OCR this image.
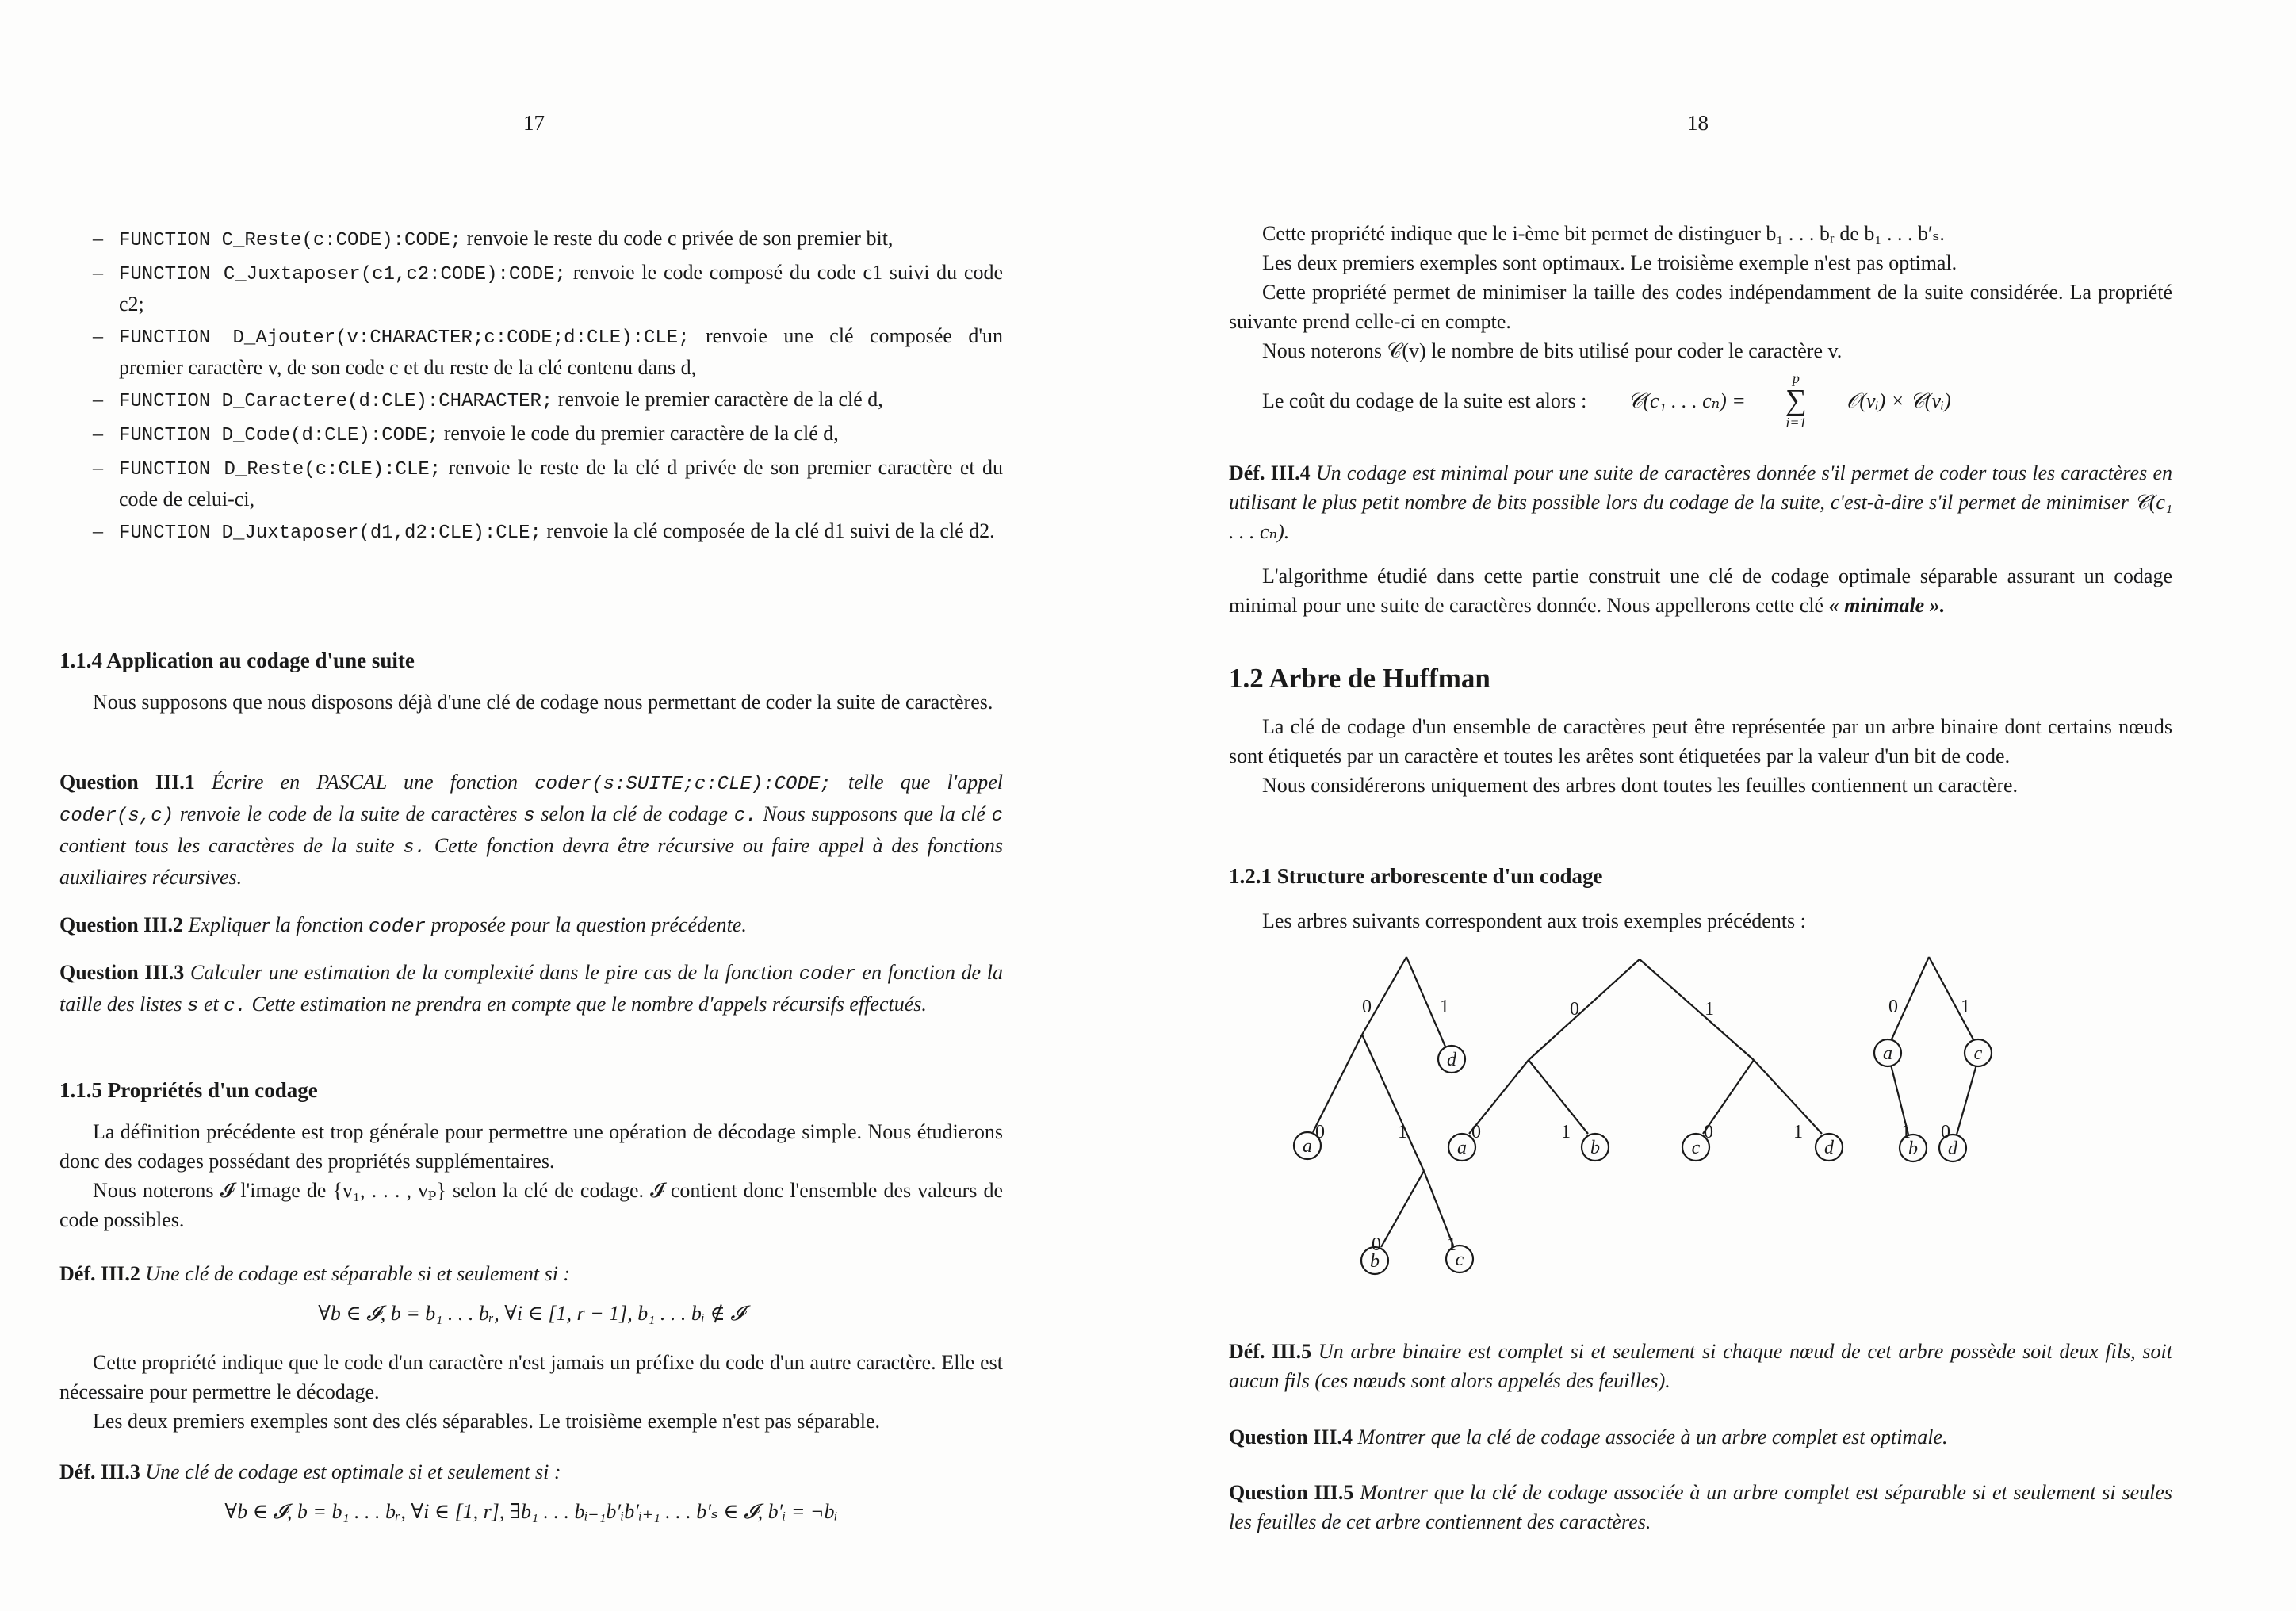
17
– FUNCTION C_Reste(c:CODE):CODE; renvoie le reste du code c privée de son premier bit,
– FUNCTION C_Juxtaposer(c1,c2:CODE):CODE; renvoie le code composé du code c1 suivi du code c2;
– FUNCTION D_Ajouter(v:CHARACTER;c:CODE;d:CLE):CLE; renvoie une clé composée d'un premier caractère v, de son code c et du reste de la clé contenu dans d,
– FUNCTION D_Caractere(d:CLE):CHARACTER; renvoie le premier caractère de la clé d,
– FUNCTION D_Code(d:CLE):CODE; renvoie le code du premier caractère de la clé d,
– FUNCTION D_Reste(c:CLE):CLE; renvoie le reste de la clé d privée de son premier caractère et du code de celui-ci,
– FUNCTION D_Juxtaposer(d1,d2:CLE):CLE; renvoie la clé composée de la clé d1 suivi de la clé d2.
1.1.4 Application au codage d'une suite

Nous supposons que nous disposons déjà d'une clé de codage nous permettant de coder la suite de caractères.

Question III.1 Écrire en PASCAL une fonction coder(s:SUITE;c:CLE):CODE; telle que l'appel coder(s,c) renvoie le code de la suite de caractères s selon la clé de codage c. Nous supposons que la clé c contient tous les caractères de la suite s. Cette fonction devra être récursive ou faire appel à des fonctions auxiliaires récursives.
Question III.2 Expliquer la fonction coder proposée pour la question précédente.
Question III.3 Calculer une estimation de la complexité dans le pire cas de la fonction coder en fonction de la taille des listes s et c. Cette estimation ne prendra en compte que le nombre d'appels récursifs effectués.
1.1.5 Propriétés d'un codage

La définition précédente est trop générale pour permettre une opération de décodage simple. Nous étudierons donc des codages possédant des propriétés supplémentaires.

Nous noterons 𝓘 l'image de {v₁, . . . , vₚ} selon la clé de codage. 𝓘 contient donc l'ensemble des valeurs de code possibles.

Déf. III.2 Une clé de codage est séparable si et seulement si :
∀b ∈ 𝓘, b = b₁ . . . bᵣ, ∀i ∈ [1, r − 1], b₁ . . . bᵢ ∉ 𝓘

Cette propriété indique que le code d'un caractère n'est jamais un préfixe du code d'un autre caractère. Elle est nécessaire pour permettre le décodage.

Les deux premiers exemples sont des clés séparables. Le troisième exemple n'est pas séparable.

Déf. III.3 Une clé de codage est optimale si et seulement si :
∀b ∈ 𝓘, b = b₁ . . . bᵣ, ∀i ∈ [1, r], ∃b₁ . . . bᵢ₋₁b′ᵢb′ᵢ₊₁ . . . b′ₛ ∈ 𝓘, b′ᵢ = ¬bᵢ
18

Cette propriété indique que le i-ème bit permet de distinguer b₁ . . . bᵣ de b₁ . . . b′ₛ.

Les deux premiers exemples sont optimaux. Le troisième exemple n'est pas optimal.

Cette propriété permet de minimiser la taille des codes indépendamment de la suite considérée. La propriété suivante prend celle-ci en compte.

Nous noterons 𝒞(v) le nombre de bits utilisé pour coder le caractère v.

Le coût du codage de la suite est alors :	𝒞(c₁ . . . cₙ) =
p
∑
i=1
𝒪(vᵢ) × 𝒞(vᵢ)
Déf. III.4 Un codage est minimal pour une suite de caractères donnée s'il permet de coder tous les caractères en utilisant le plus petit nombre de bits possible lors du codage de la suite, c'est-à-dire s'il permet de minimiser 𝒞(c₁ . . . cₙ).

L'algorithme étudié dans cette partie construit une clé de codage optimale séparable assurant un codage minimal pour une suite de caractères donnée. Nous appellerons cette clé « minimale ».

1.2 Arbre de Huffman

La clé de codage d'un ensemble de caractères peut être représentée par un arbre binaire dont certains nœuds sont étiquetés par un caractère et toutes les arêtes sont étiquetées par la valeur d'un bit de code.

Nous considérerons uniquement des arbres dont toutes les feuilles contiennent un caractère.

1.2.1 Structure arborescente d'un codage

Les arbres suivants correspondent aux trois exemples précédents :

d
a
b	c
0	1
0	1
0	1
a	b	c	d
0	1
0	1	0	1
a	c
b d
0	1
1 0
Déf. III.5 Un arbre binaire est complet si et seulement si chaque nœud de cet arbre possède soit deux fils, soit aucun fils (ces nœuds sont alors appelés des feuilles).
Question III.4 Montrer que la clé de codage associée à un arbre complet est optimale.
Question III.5 Montrer que la clé de codage associée à un arbre complet est séparable si et seulement si seules les feuilles de cet arbre contiennent des caractères.
